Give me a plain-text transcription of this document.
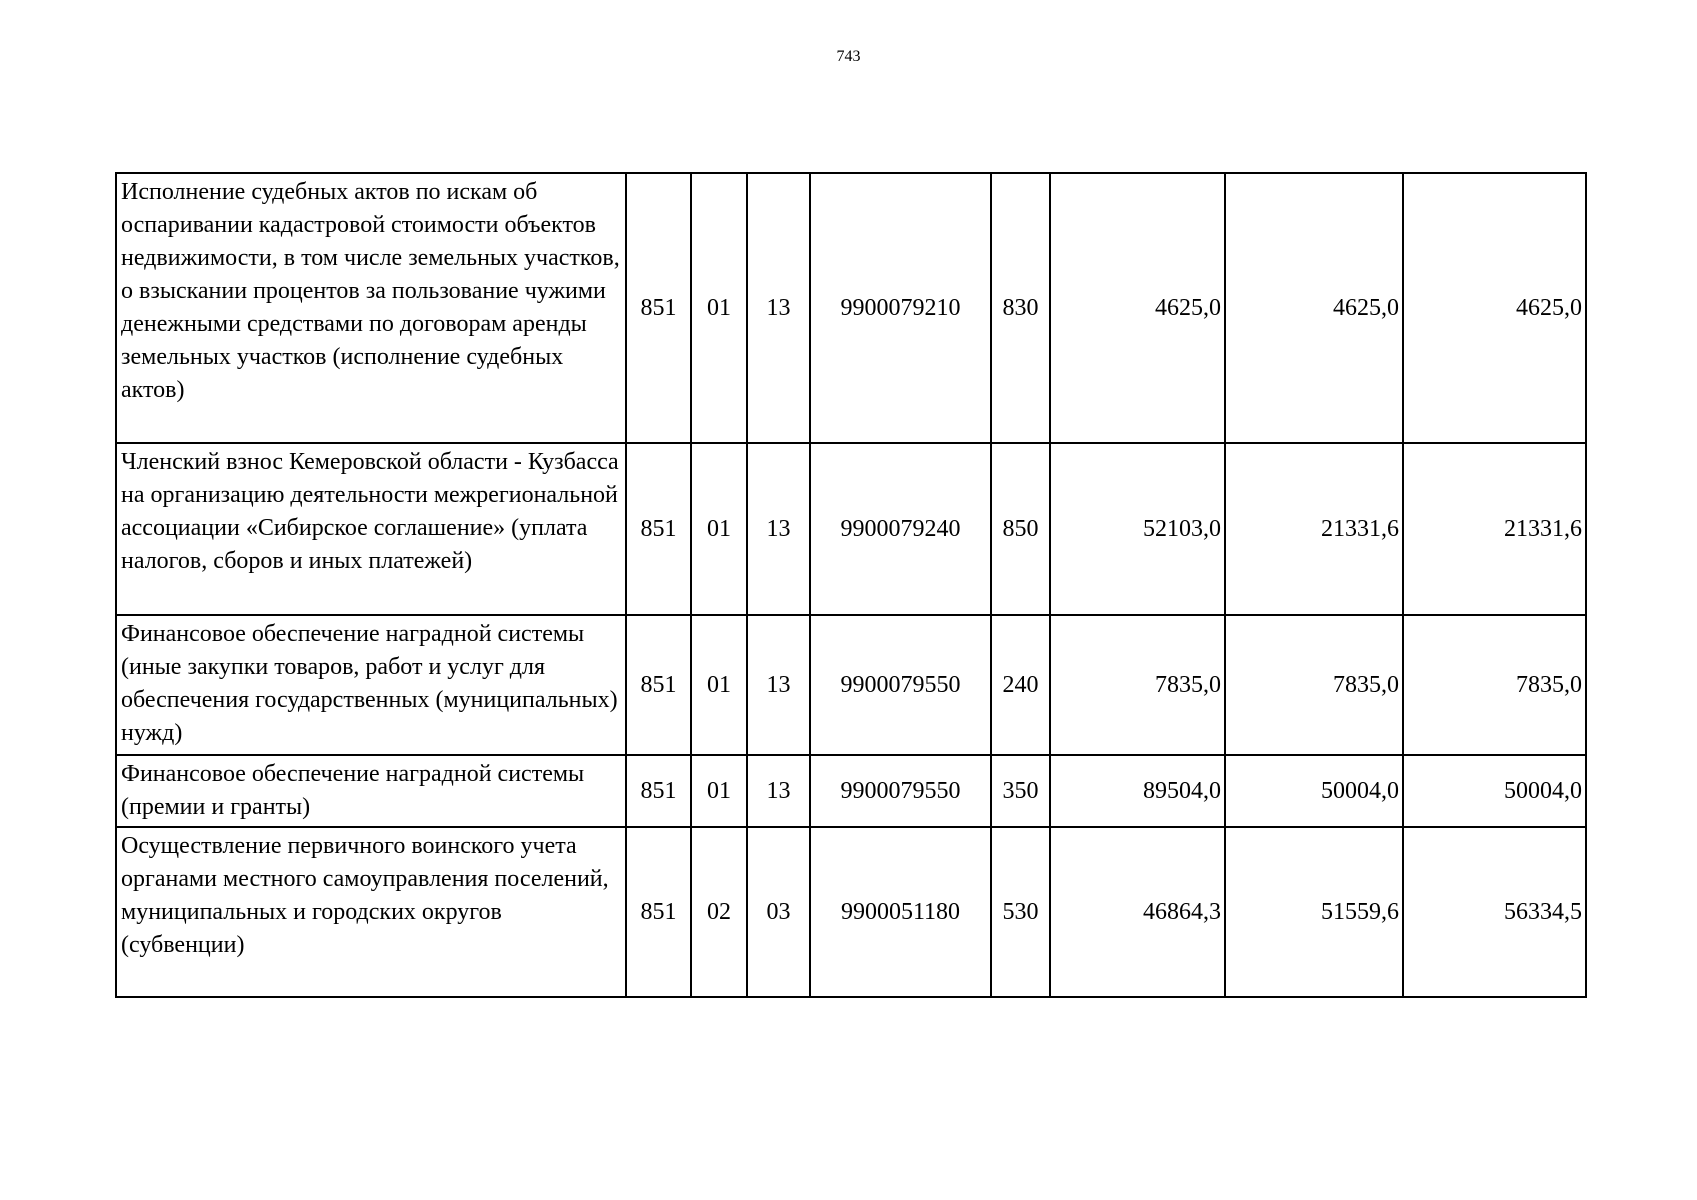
743
Исполнение судебных актов по искам об оспаривании кадастровой стоимости объектов недвижимости, в том числе земельных участков, о взыскании процентов за пользование чужими денежными средствами по договорам аренды земельных участков (исполнение судебных актов)	851	01	13	9900079210	830	4625,0	4625,0	4625,0
Членский взнос Кемеровской области - Кузбасса на организацию деятельности межрегиональной ассоциации «Сибирское соглашение» (уплата налогов, сборов и иных платежей)	851	01	13	9900079240	850	52103,0	21331,6	21331,6
Финансовое обеспечение наградной системы (иные закупки товаров, работ и услуг для обеспечения государственных (муниципальных) нужд)	851	01	13	9900079550	240	7835,0	7835,0	7835,0
Финансовое обеспечение наградной системы (премии и гранты)	851	01	13	9900079550	350	89504,0	50004,0	50004,0
Осуществление первичного воинского учета органами местного самоуправления поселений, муниципальных и городских округов (субвенции)	851	02	03	9900051180	530	46864,3	51559,6	56334,5
